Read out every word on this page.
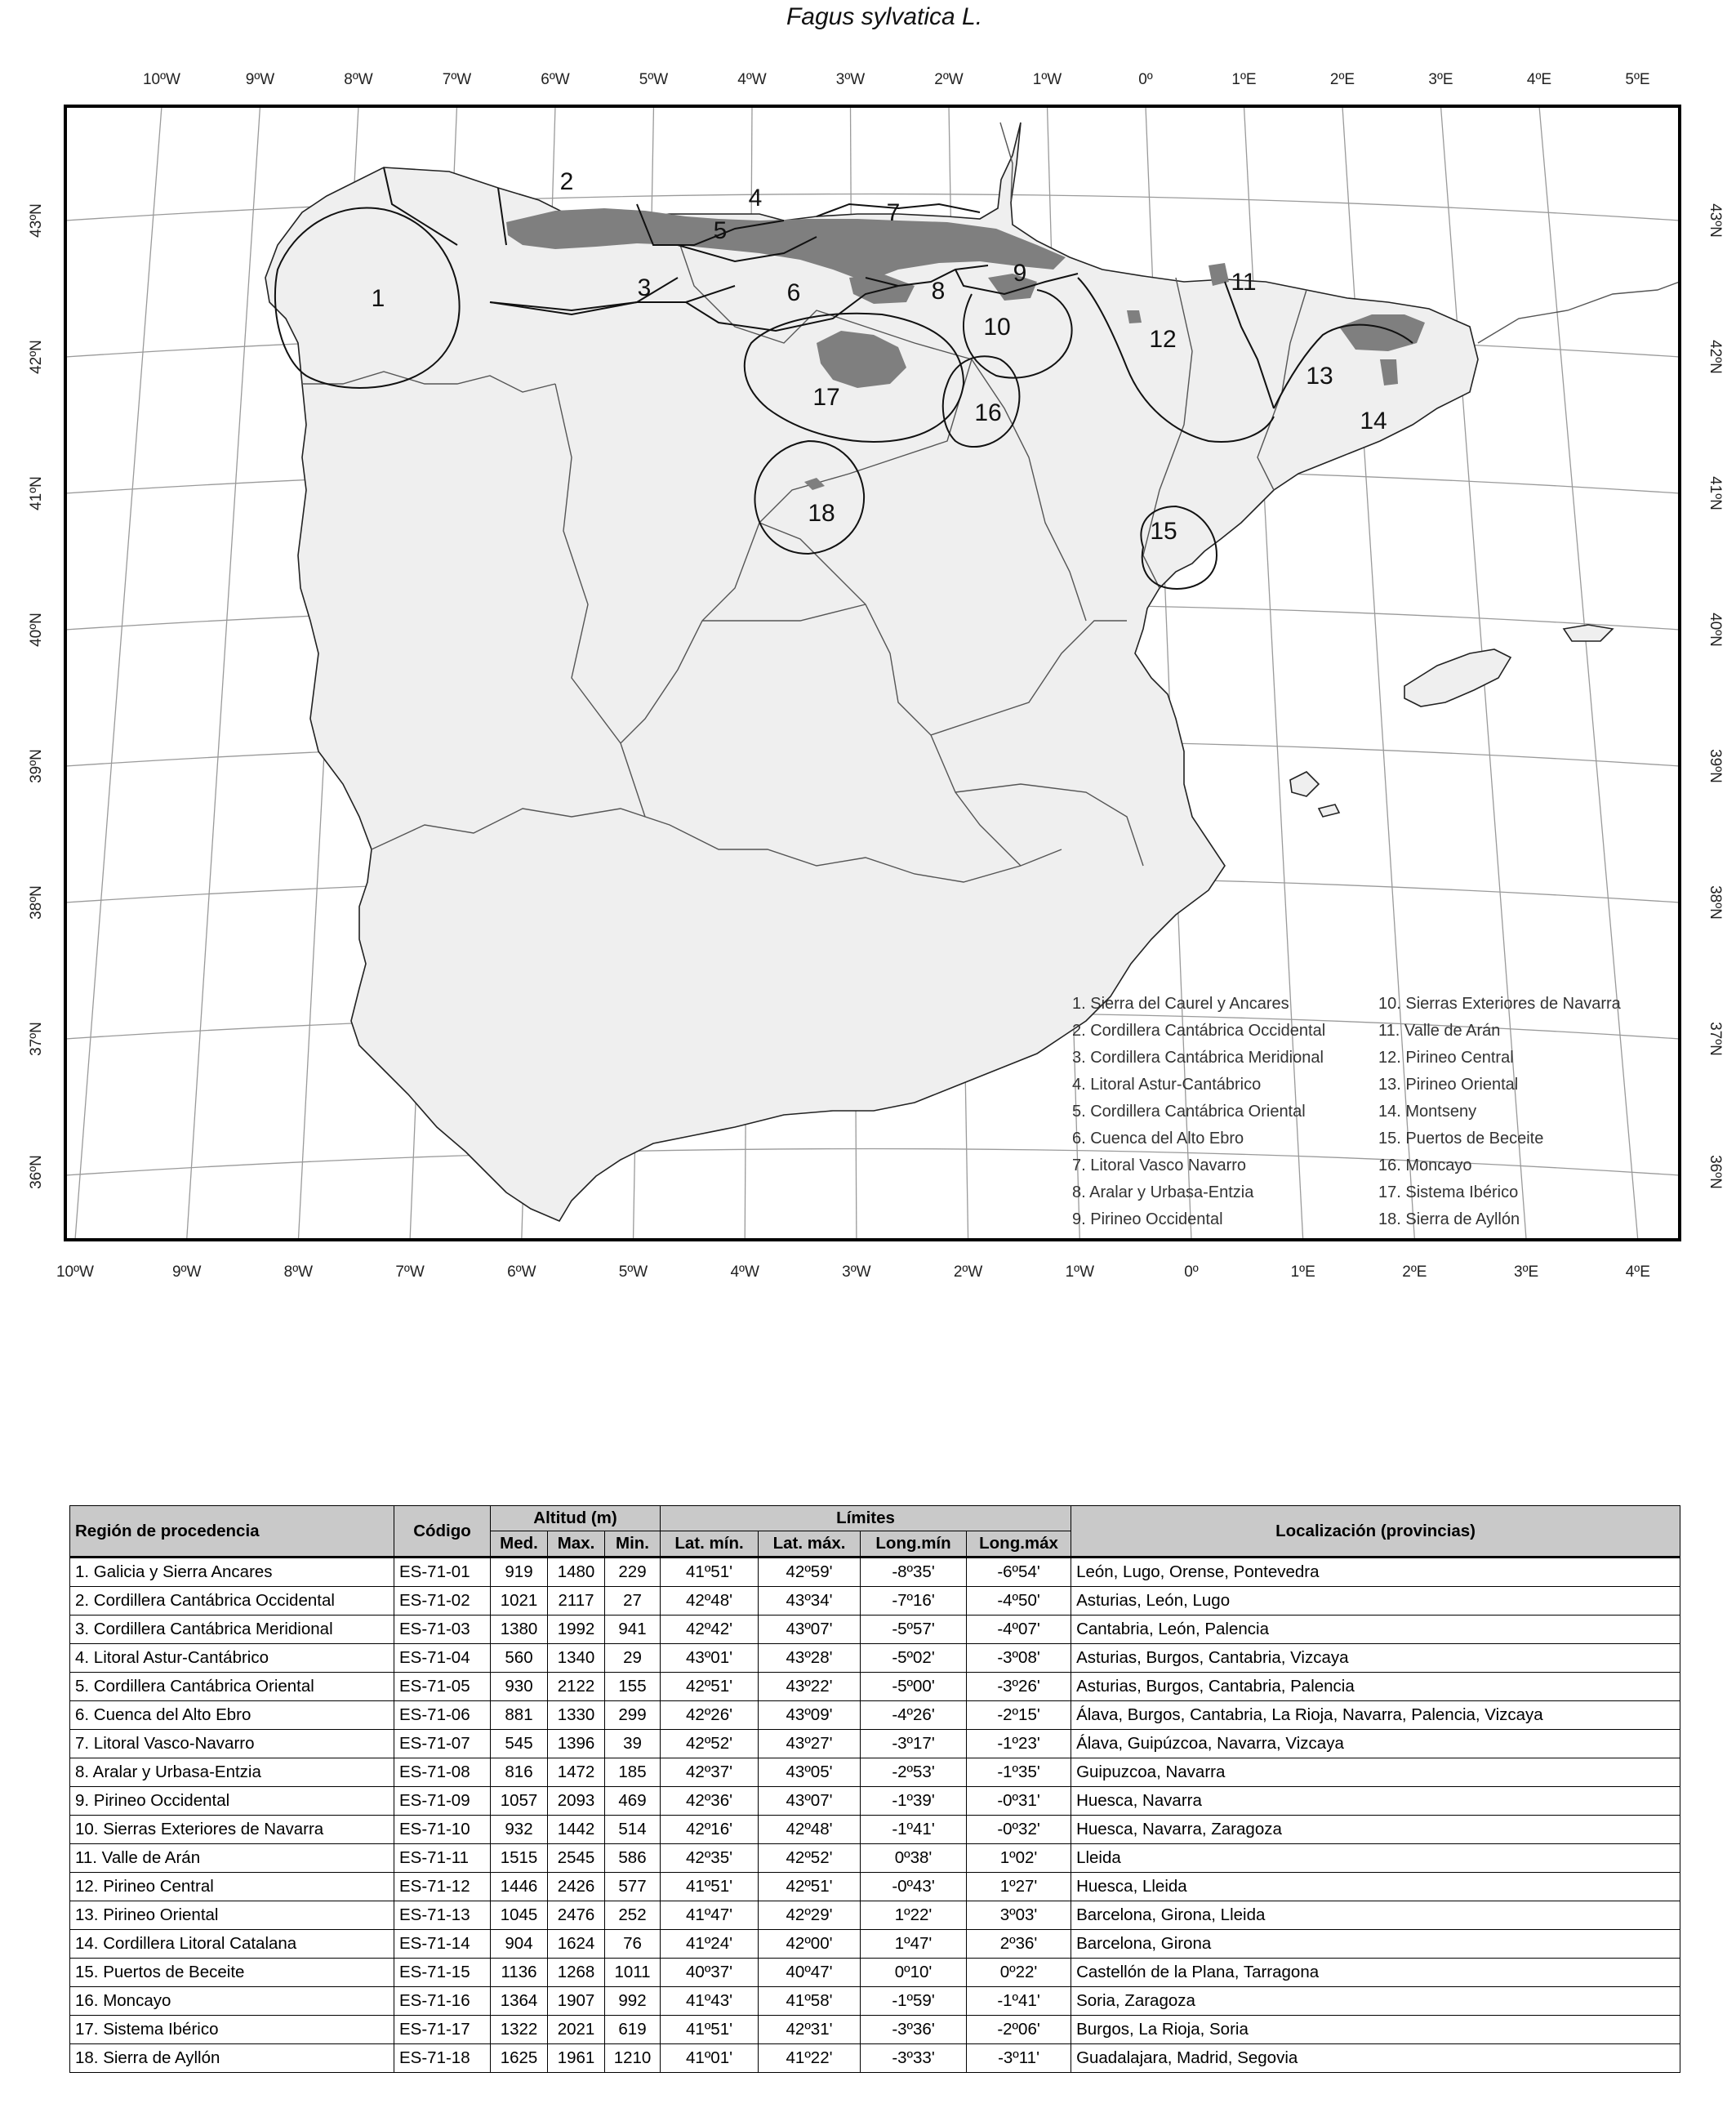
Fagus sylvatica L.
10ºW	9ºW	8ºW	7ºW	6ºW	5ºW	4ºW	3ºW	2ºW	1ºW	0º	1ºE	2ºE	3ºE	4ºE	5ºE
10ºW	9ºW	8ºW	7ºW	6ºW	5ºW	4ºW	3ºW	2ºW	1ºW	0º	1ºE	2ºE	3ºE	4ºE
43ºN
42ºN
41ºN
40ºN
39ºN
38ºN
37ºN
36ºN
43ºN
42ºN
41ºN
40ºN
39ºN
38ºN
37ºN
36ºN
1
2
3
4
5
6
7
8
9
10
11
12
13
14
15
16
17
18
1. Sierra del Caurel y Ancares
2. Cordillera Cantábrica Occidental
3. Cordillera Cantábrica Meridional
4. Litoral Astur-Cantábrico
5. Cordillera Cantábrica Oriental
6. Cuenca del Alto Ebro
7. Litoral Vasco Navarro
8. Aralar y Urbasa-Entzia
9. Pirineo Occidental
10. Sierras Exteriores de Navarra
11. Valle de Arán
12. Pirineo Central
13. Pirineo Oriental
14. Montseny
15. Puertos de Beceite
16. Moncayo
17. Sistema Ibérico
18. Sierra de Ayllón
Región de procedencia	Código	Altitud (m)			Límites				Localización (provincias)
		Med.	Max.	Min.	Lat. mín.	Lat. máx.	Long.mín	Long.máx	
1. Galicia y Sierra Ancares	ES-71-01	919	1480	229	41º51'	42º59'	-8º35'	-6º54'	León, Lugo, Orense, Pontevedra
2. Cordillera Cantábrica Occidental	ES-71-02	1021	2117	27	42º48'	43º34'	-7º16'	-4º50'	Asturias, León, Lugo
3. Cordillera Cantábrica Meridional	ES-71-03	1380	1992	941	42º42'	43º07'	-5º57'	-4º07'	Cantabria, León, Palencia
4. Litoral Astur-Cantábrico	ES-71-04	560	1340	29	43º01'	43º28'	-5º02'	-3º08'	Asturias, Burgos, Cantabria, Vizcaya
5. Cordillera Cantábrica Oriental	ES-71-05	930	2122	155	42º51'	43º22'	-5º00'	-3º26'	Asturias, Burgos, Cantabria, Palencia
6. Cuenca del Alto Ebro	ES-71-06	881	1330	299	42º26'	43º09'	-4º26'	-2º15'	Álava, Burgos, Cantabria, La Rioja, Navarra, Palencia, Vizcaya
7. Litoral Vasco-Navarro	ES-71-07	545	1396	39	42º52'	43º27'	-3º17'	-1º23'	Álava, Guipúzcoa, Navarra, Vizcaya
8. Aralar y Urbasa-Entzia	ES-71-08	816	1472	185	42º37'	43º05'	-2º53'	-1º35'	Guipuzcoa, Navarra
9. Pirineo Occidental	ES-71-09	1057	2093	469	42º36'	43º07'	-1º39'	-0º31'	Huesca, Navarra
10. Sierras Exteriores de Navarra	ES-71-10	932	1442	514	42º16'	42º48'	-1º41'	-0º32'	Huesca, Navarra, Zaragoza
11. Valle de Arán	ES-71-11	1515	2545	586	42º35'	42º52'	0º38'	1º02'	Lleida
12. Pirineo Central	ES-71-12	1446	2426	577	41º51'	42º51'	-0º43'	1º27'	Huesca, Lleida
13. Pirineo Oriental	ES-71-13	1045	2476	252	41º47'	42º29'	1º22'	3º03'	Barcelona, Girona, Lleida
14. Cordillera Litoral Catalana	ES-71-14	904	1624	76	41º24'	42º00'	1º47'	2º36'	Barcelona, Girona
15. Puertos de Beceite	ES-71-15	1136	1268	1011	40º37'	40º47'	0º10'	0º22'	Castellón de la Plana, Tarragona
16. Moncayo	ES-71-16	1364	1907	992	41º43'	41º58'	-1º59'	-1º41'	Soria, Zaragoza
17. Sistema Ibérico	ES-71-17	1322	2021	619	41º51'	42º31'	-3º36'	-2º06'	Burgos, La Rioja, Soria
18. Sierra de Ayllón	ES-71-18	1625	1961	1210	41º01'	41º22'	-3º33'	-3º11'	Guadalajara, Madrid, Segovia
